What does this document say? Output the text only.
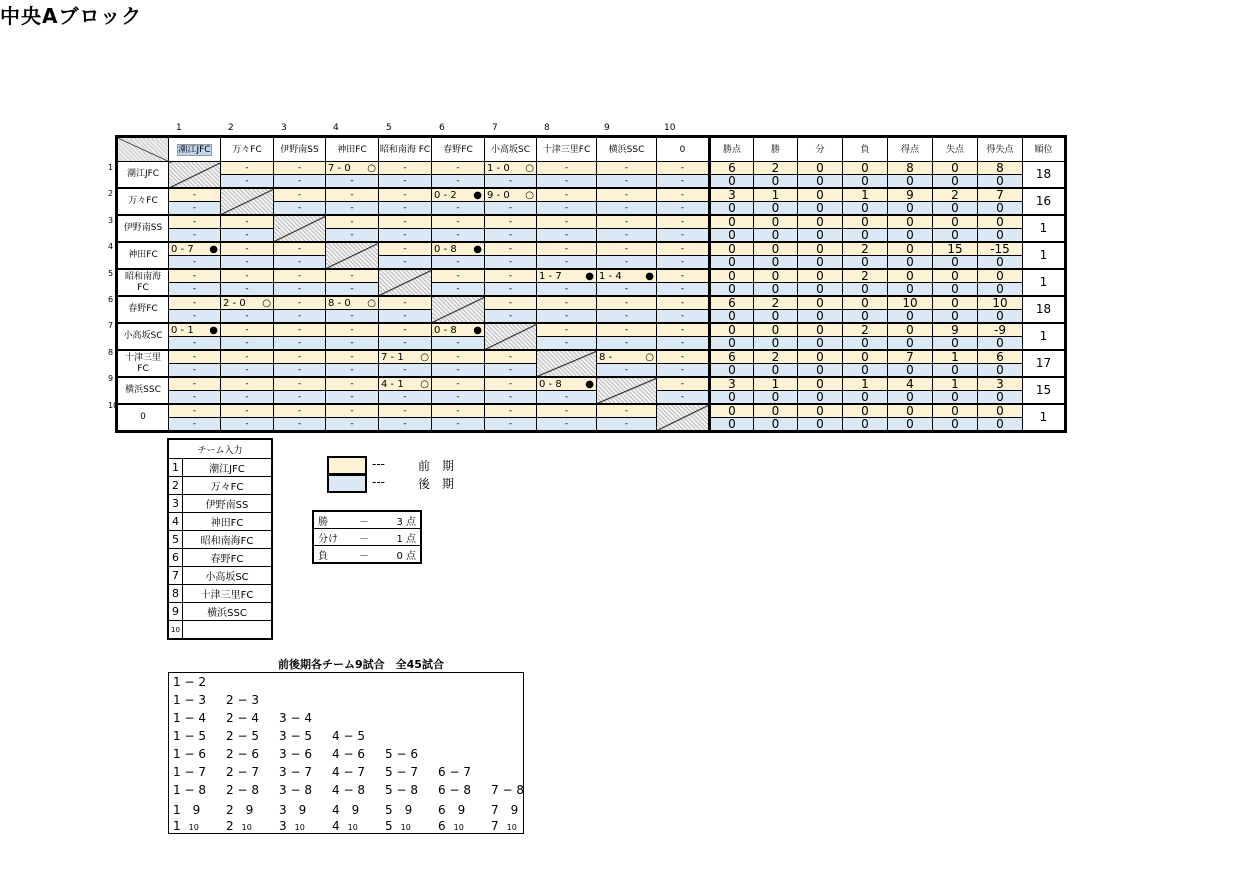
中央Aブロック
1	2	3	4	5	6	7	8	9	10
1
2
3
4
5
6
7
8
9
10
	潮江JFC	万々FC	伊野南SS	神田FC	昭和南海 FC	春野FC	小高坂SC	十津三里FC	横浜SSC	0	勝点	勝	分	負	得点	失点	得失点	順位
潮江JFC		-	-	7 - 0 ○	-	-	1 - 0 ○	-	-	-	6	2	0	0	8	0	8	18
		-	-	-	-	-	-	-	-	-	0	0	0	0	0	0	0	
万々FC	-		-	-	-	0 - 2 ●	9 - 0 ○	-	-	-	3	1	0	1	9	2	7	16
	-		-	-	-	-	-	-	-	-	0	0	0	0	0	0	0	
伊野南SS	-	-		-	-	-	-	-	-	-	0	0	0	0	0	0	0	1
	-	-		-	-	-	-	-	-	-	0	0	0	0	0	0	0	
神田FC	0 - 7 ●	-	-		-	0 - 8 ●	-	-	-	-	0	0	0	2	0	15	-15	1
	-	-	-		-	-	-	-	-	-	0	0	0	0	0	0	0	
昭和南海 FC	-	-	-	-		-	-	1 - 7 ●	1 - 4 ●	-	0	0	0	2	0	0	0	1
	-	-	-	-		-	-	-	-	-	0	0	0	0	0	0	0	
春野FC	-	2 - 0 ○	-	8 - 0 ○	-		-	-	-	-	6	2	0	0	10	0	10	18
	-	-	-	-	-		-	-	-	-	0	0	0	0	0	0	0	
小高坂SC	0 - 1 ●	-	-	-	-	0 - 8 ●		-	-	-	0	0	0	2	0	9	-9	1
	-	-	-	-	-	-		-	-	-	0	0	0	0	0	0	0	
十津三里 FC	-	-	-	-	7 - 1 ○	-	-		8 - ○	-	6	2	0	0	7	1	6	17
	-	-	-	-	-	-	-		-	-	0	0	0	0	0	0	0	
横浜SSC	-	-	-	-	4 - 1 ○	-	-	0 - 8 ●		-	3	1	0	1	4	1	3	15
	-	-	-	-	-	-	-	-		-	0	0	0	0	0	0	0	
0	-	-	-	-	-	-	-	-	-		0	0	0	0	0	0	0	1
	-	-	-	-	-	-	-	-	-		0	0	0	0	0	0	0	
チーム入力	
1	潮江JFC
2	万々FC
3	伊野南SS
4	神田FC
5	昭和南海FC
6	春野FC
7	小高坂SC
8	十津三里FC
9	横浜SSC
10	
---	前　期
---	後　期
勝	－	3 点
分け	－	1 点
負	－	0 点
前後期各チーム9試合　全45試合
1 − 2
1 − 3 2 − 3
1 − 4 2 − 4 3 − 4
1 − 5 2 − 5 3 − 5 4 − 5
1 − 6 2 − 6 3 − 6 4 − 6 5 − 6
1 − 7 2 − 7 3 − 7 4 − 7 5 − 7 6 − 7
1 − 8 2 − 8 3 − 8 4 − 8 5 − 8 6 − 8 7 − 8
1　9 2　9 3　9 4　9 5　9 6　9 7　9
1　 10 2　 10 3　 10 4　 10 5　 10 6　 10 7　 10
